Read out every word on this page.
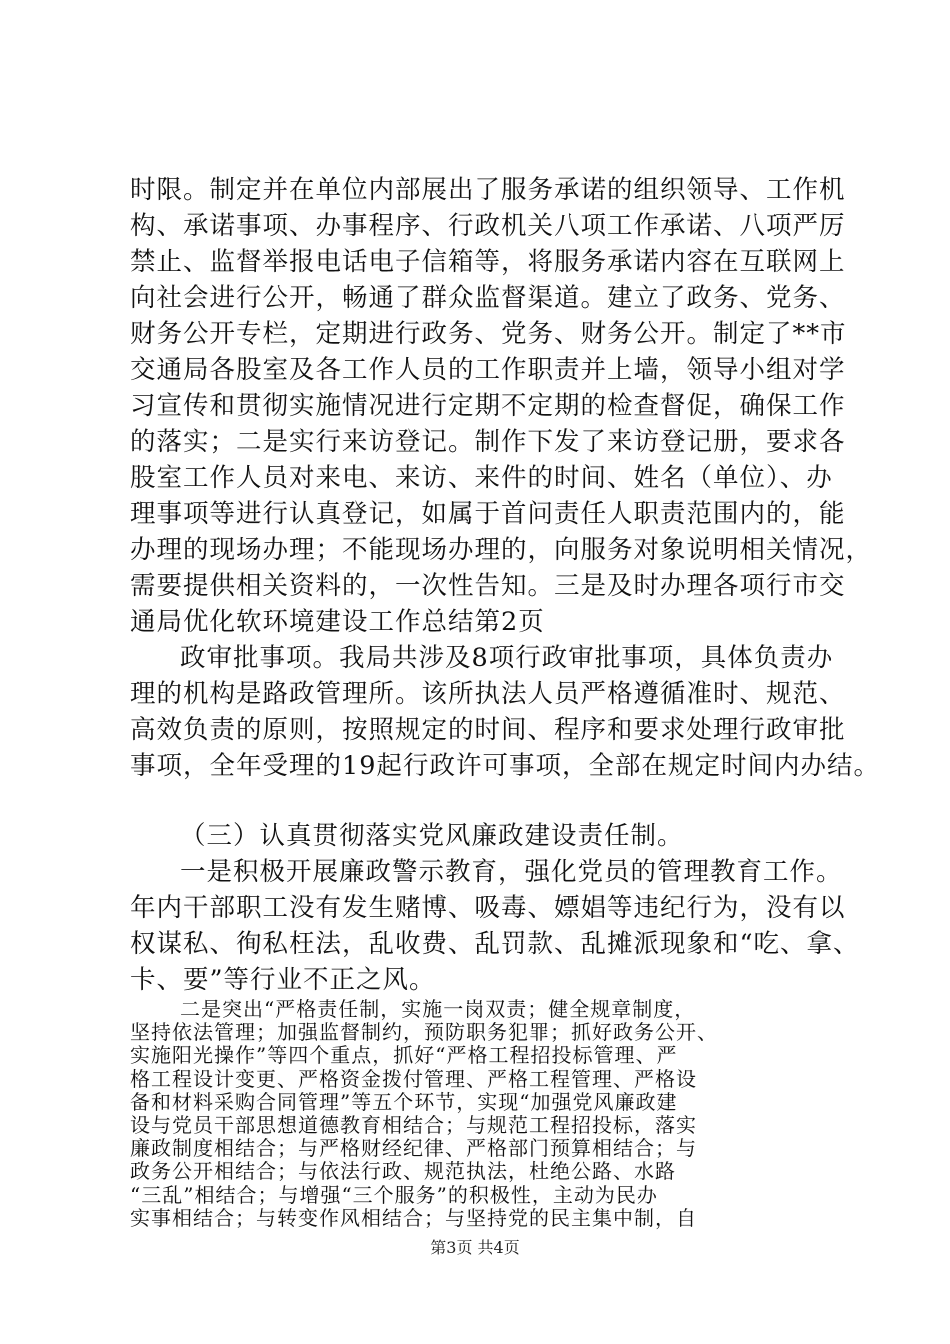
时限。制定并在单位内部展出了服务承诺的组织领导、工作机
构、承诺事项、办事程序、行政机关八项工作承诺、八项严厉
禁止、监督举报电话电子信箱等，将服务承诺内容在互联网上
向社会进行公开，畅通了群众监督渠道。建立了政务、党务、
财务公开专栏，定期进行政务、党务、财务公开。制定了**市
交通局各股室及各工作人员的工作职责并上墙，领导小组对学
习宣传和贯彻实施情况进行定期不定期的检查督促，确保工作
的落实；二是实行来访登记。制作下发了来访登记册，要求各
股室工作人员对来电、来访、来件的时间、姓名（单位）、办
理事项等进行认真登记，如属于首问责任人职责范围内的，能
办理的现场办理；不能现场办理的，向服务对象说明相关情况，
需要提供相关资料的，一次性告知。三是及时办理各项行市交
通局优化软环境建设工作总结第2页
政审批事项。我局共涉及8项行政审批事项，具体负责办
理的机构是路政管理所。该所执法人员严格遵循准时、规范、
高效负责的原则，按照规定的时间、程序和要求处理行政审批
事项，全年受理的19起行政许可事项，全部在规定时间内办结。
（三）认真贯彻落实党风廉政建设责任制。
一是积极开展廉政警示教育，强化党员的管理教育工作。
年内干部职工没有发生赌博、吸毒、嫖娼等违纪行为，没有以
权谋私、徇私枉法，乱收费、乱罚款、乱摊派现象和“吃、拿、
卡、要”等行业不正之风。
第3页 共4页
二是突出“严格责任制，实施一岗双责；健全规章制度，
坚持依法管理；加强监督制约，预防职务犯罪；抓好政务公开、
实施阳光操作”等四个重点，抓好“严格工程招投标管理、严
格工程设计变更、严格资金拨付管理、严格工程管理、严格设
备和材料采购合同管理”等五个环节，实现“加强党风廉政建
设与党员干部思想道德教育相结合；与规范工程招投标，落实
廉政制度相结合；与严格财经纪律、严格部门预算相结合；与
政务公开相结合；与依法行政、规范执法，杜绝公路、水路
“三乱”相结合；与增强“三个服务”的积极性，主动为民办
实事相结合；与转变作风相结合；与坚持党的民主集中制，自
